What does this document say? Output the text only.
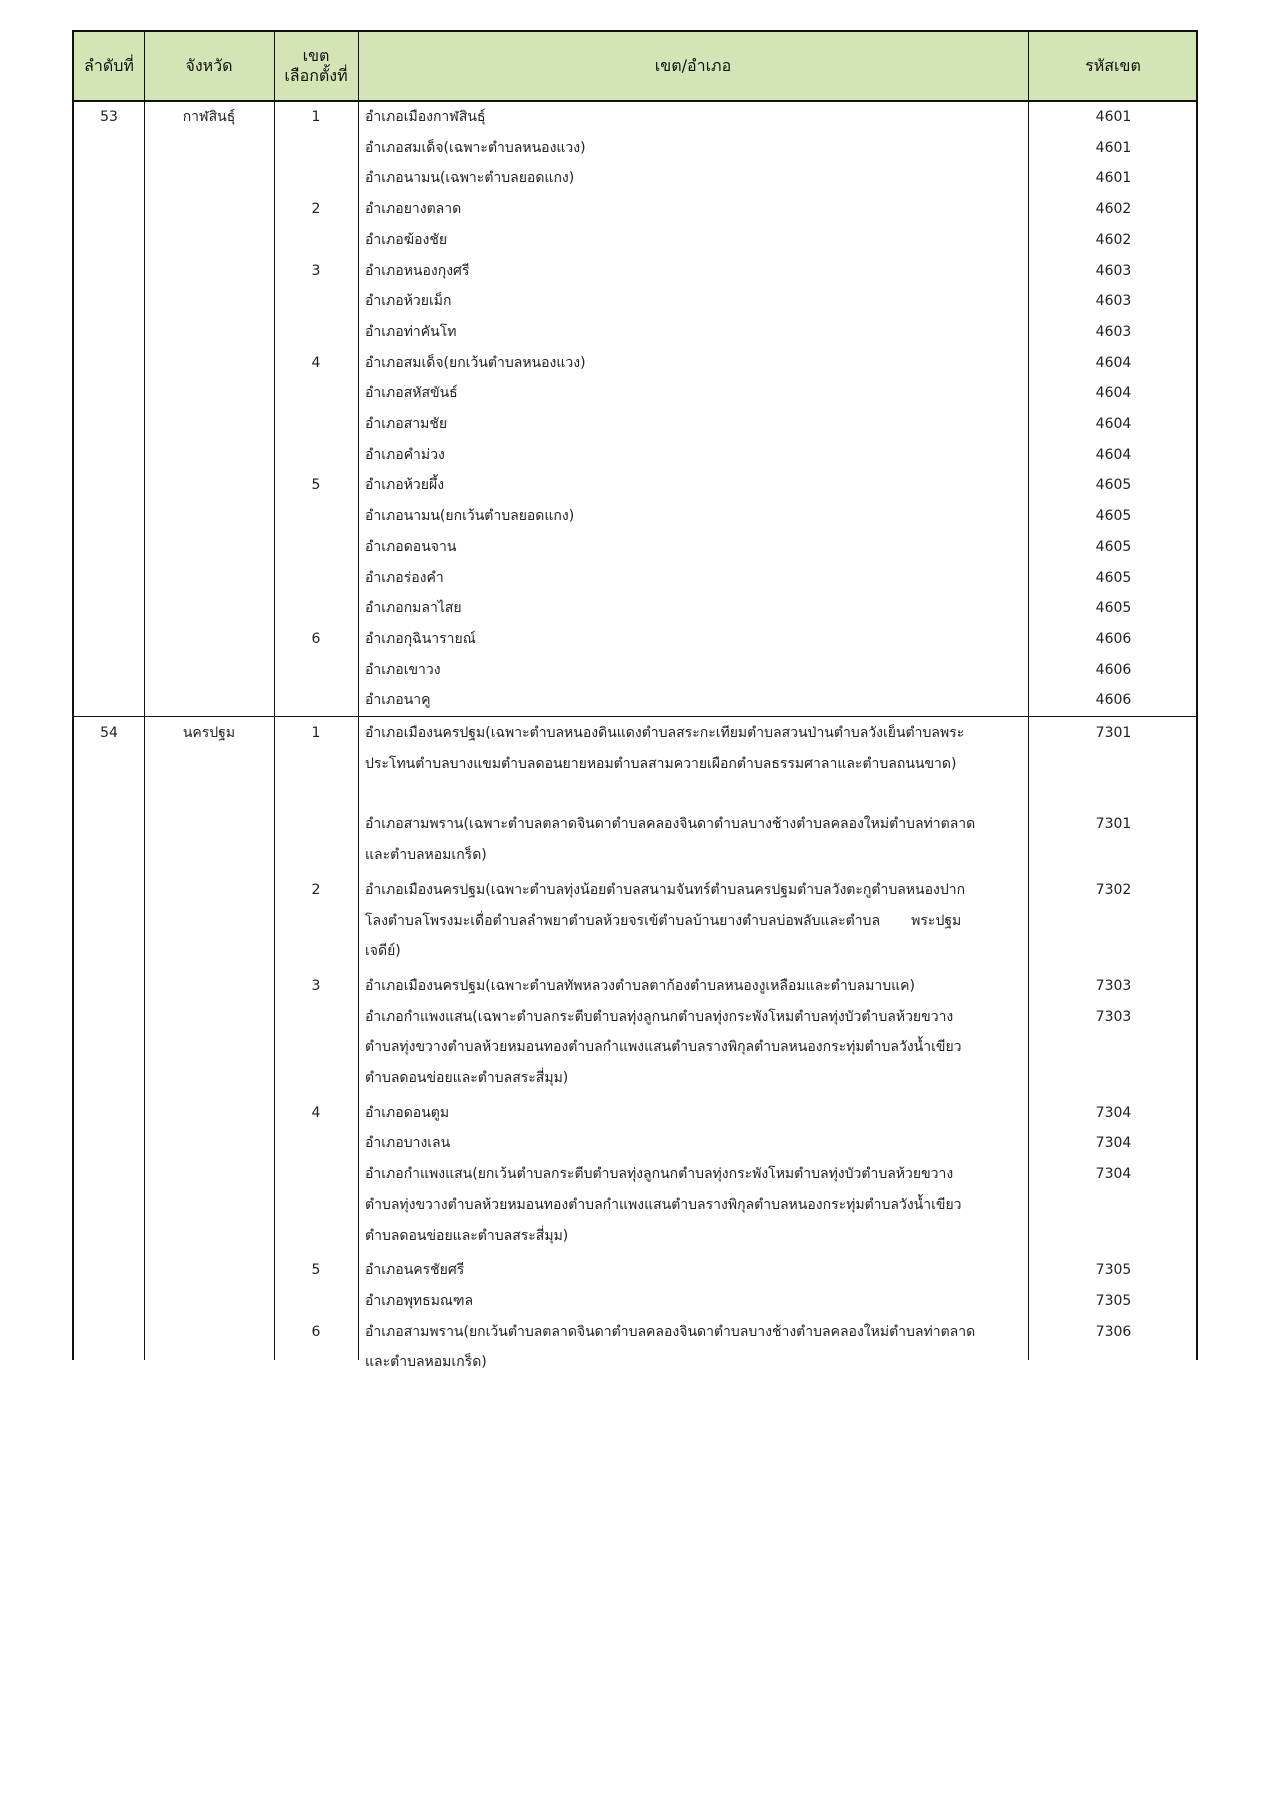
ลำดับที่	จังหวัด
เขต
เลือกตั้งที่
เขต/อำเภอ	รหัสเขต
53	กาฬสินธุ์	1	อำเภอเมืองกาฬสินธุ์	4601
อำเภอสมเด็จ(เฉพาะตำบลหนองแวง)	4601
อำเภอนามน(เฉพาะตำบลยอดแกง)	4601
2	อำเภอยางตลาด	4602
อำเภอฆ้องชัย	4602
3	อำเภอหนองกุงศรี	4603
อำเภอห้วยเม็ก	4603
อำเภอท่าคันโท	4603
4	อำเภอสมเด็จ(ยกเว้นตำบลหนองแวง)	4604
อำเภอสหัสขันธ์	4604
อำเภอสามชัย	4604
อำเภอคำม่วง	4604
5	อำเภอห้วยผึ้ง	4605
อำเภอนามน(ยกเว้นตำบลยอดแกง)	4605
อำเภอดอนจาน	4605
อำเภอร่องคำ	4605
อำเภอกมลาไสย	4605
6	อำเภอกุฉินารายณ์	4606
อำเภอเขาวง	4606
อำเภอนาคู	4606
54	นครปฐม	1	อำเภอเมืองนครปฐม(เฉพาะตำบลหนองดินแดงตำบลสระกะเทียมตำบลสวนป่านตำบลวังเย็นตำบลพระ
ประโทนตำบลบางแขมตำบลดอนยายหอมตำบลสามควายเผือกตำบลธรรมศาลาและตำบลถนนขาด)
7301
อำเภอสามพราน(เฉพาะตำบลตลาดจินดาตำบลคลองจินดาตำบลบางช้างตำบลคลองใหม่ตำบลท่าตลาด
และตำบลหอมเกร็ด)
7301
2	อำเภอเมืองนครปฐม(เฉพาะตำบลทุ่งน้อยตำบลสนามจันทร์ตำบลนครปฐมตำบลวังตะกูตำบลหนองปาก
โลงตำบลโพรงมะเดื่อตำบลลำพยาตำบลห้วยจรเข้ตำบลบ้านยางตำบลบ่อพลับและตำบล       พระปฐม
เจดีย์)
7302
3	อำเภอเมืองนครปฐม(เฉพาะตำบลทัพหลวงตำบลตาก้องตำบลหนองงูเหลือมและตำบลมาบแค)	7303
อำเภอกำแพงแสน(เฉพาะตำบลกระตีบตำบลทุ่งลูกนกตำบลทุ่งกระพังโหมตำบลทุ่งบัวตำบลห้วยขวาง
ตำบลทุ่งขวางตำบลห้วยหมอนทองตำบลกำแพงแสนตำบลรางพิกุลตำบลหนองกระทุ่มตำบลวังน้ำเขียว
ตำบลดอนข่อยและตำบลสระสี่มุม)
7303
4	อำเภอดอนตูม	7304
อำเภอบางเลน	7304
อำเภอกำแพงแสน(ยกเว้นตำบลกระตีบตำบลทุ่งลูกนกตำบลทุ่งกระพังโหมตำบลทุ่งบัวตำบลห้วยขวาง
ตำบลทุ่งขวางตำบลห้วยหมอนทองตำบลกำแพงแสนตำบลรางพิกุลตำบลหนองกระทุ่มตำบลวังน้ำเขียว
ตำบลดอนข่อยและตำบลสระสี่มุม)
7304
5	อำเภอนครชัยศรี	7305
อำเภอพุทธมณฑล	7305
6	อำเภอสามพราน(ยกเว้นตำบลตลาดจินดาตำบลคลองจินดาตำบลบางช้างตำบลคลองใหม่ตำบลท่าตลาด
และตำบลหอมเกร็ด)
7306
